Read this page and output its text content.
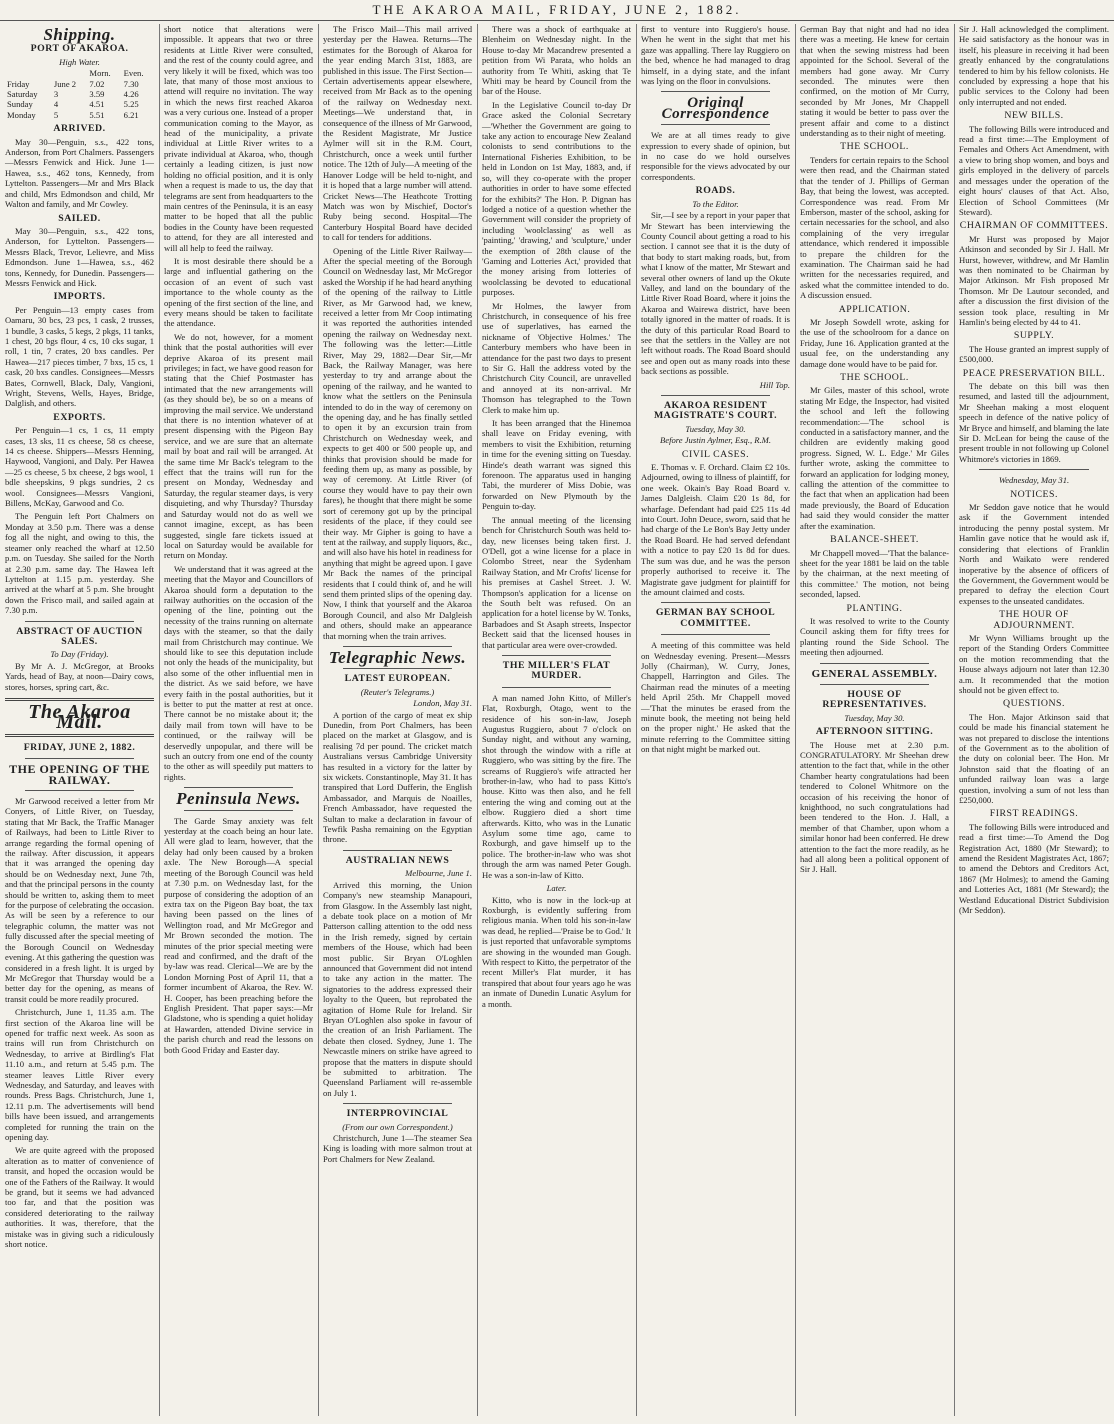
THE AKAROA MAIL, FRIDAY, JUNE 2, 1882.
Shipping.
PORT OF AKAROA.
High Water.
		Morn.	Even.
Friday	June 2	7.02	7.30
Saturday	3	3.59	4.26
Sunday	4	4.51	5.25
Monday	5	5.51	6.21
ARRIVED.

May 30—Penguin, s.s., 422 tons, Anderson, from Port Chalmers. Passengers—Messrs Fenwick and Hick. June 1—Hawea, s.s., 462 tons, Kennedy, from Lyttelton. Passengers—Mr and Mrs Black and child, Mrs Edmondson and child, Mr Walton and family, and Mr Cowley.

SAILED.

May 30—Penguin, s.s., 422 tons, Anderson, for Lyttelton. Passengers—Messrs Black, Trevor, Lelievre, and Miss Edmondson. June 1—Hawea, s.s., 462 tons, Kennedy, for Dunedin. Passengers—Messrs Fenwick and Hick.

IMPORTS.

Per Penguin—13 empty cases from Oamaru, 30 bcs, 23 pcs, 1 cask, 2 trusses, 1 bundle, 3 casks, 5 kegs, 2 pkgs, 11 tanks, 1 chest, 20 bgs flour, 4 cs, 10 cks sugar, 1 roll, 1 tin, 7 crates, 20 bxs candles. Per Hawea—217 pieces timber, 7 bxs, 15 cs, 1 cask, 20 bxs candles. Consignees—Messrs Bates, Cornwell, Black, Daly, Vangioni, Wright, Stevens, Wells, Hayes, Bridge, Dalglish, and others.

EXPORTS.

Per Penguin—1 cs, 1 cs, 11 empty cases, 13 sks, 11 cs cheese, 58 cs cheese, 14 cs cheese. Shippers—Messrs Henning, Haywood, Vangioni, and Daly. Per Hawea—25 cs cheese, 5 bx cheese, 2 bgs wool, 1 bdle sheepskins, 9 pkgs sundries, 2 cs wool. Consignees—Messrs Vangioni, Billens, McKay, Garwood and Co.

The Penguin left Port Chalmers on Monday at 3.50 p.m. There was a dense fog all the night, and owing to this, the steamer only reached the wharf at 12.50 p.m. on Tuesday. She sailed for the North at 2.30 p.m. same day. The Hawea left Lyttelton at 1.15 p.m. yesterday. She arrived at the wharf at 5 p.m. She brought down the Frisco mail, and sailed again at 7.30 p.m.

ABSTRACT OF AUCTION SALES.
To Day (Friday).

By Mr A. J. McGregor, at Brooks Yards, head of Bay, at noon—Dairy cows, stores, horses, spring cart, &c.

The Akaroa Mail.
FRIDAY, JUNE 2, 1882.
THE OPENING OF THE RAILWAY.

Mr Garwood received a letter from Mr Conyers, of Little River, on Tuesday, stating that Mr Back, the Traffic Manager of Railways, had been to Little River to arrange regarding the formal opening of the railway. After discussion, it appears that it was arranged the opening day should be on Wednesday next, June 7th, and that the principal persons in the county should be written to, asking them to meet for the purpose of celebrating the occasion. As will be seen by a reference to our telegraphic column, the matter was not fully discussed after the special meeting of the Borough Council on Wednesday evening. At this gathering the question was considered in a fresh light. It is urged by Mr McGregor that Thursday would be a better day for the opening, as means of transit could be more readily procured.

Christchurch, June 1, 11.35 a.m. The first section of the Akaroa line will be opened for traffic next week. As soon as trains will run from Christchurch on Wednesday, to arrive at Birdling's Flat 11.10 a.m., and return at 5.45 p.m. The steamer leaves Little River every Wednesday, and Saturday, and leaves with rounds. Press Bags. Christchurch, June 1, 12.11 p.m. The advertisements will bend bills have been issued, and arrangements completed for running the train on the opening day.

We are quite agreed with the proposed alteration as to matter of convenience of transit, and hoped the occasion would be one of the Fathers of the Railway. It would be grand, but it seems we had advanced too far, and that the position was considered deteriorating to the railway authorities. It was, therefore, that the mistake was in giving such a ridiculously short notice.

short notice that alterations were impossible. It appears that two or three residents at Little River were consulted, and the rest of the county could agree, and very likely it will be fixed, which was too late, that many of those most anxious to attend will require no invitation. The way in which the news first reached Akaroa was a very curious one. Instead of a proper communication coming to the Mayor, as head of the municipality, a private individual at Little River writes to a private individual at Akaroa, who, though certainly a leading citizen, is just now holding no official position, and it is only when a request is made to us, the day that telegrams are sent from headquarters to the main centres of the Peninsula, it is an easy matter to be hoped that all the public bodies in the County have been requested to attend, for they are all interested and will all help to feed the railway.

It is most desirable there should be a large and influential gathering on the occasion of an event of such vast importance to the whole county as the opening of the first section of the line, and every means should be taken to facilitate the attendance.

We do not, however, for a moment think that the postal authorities will ever deprive Akaroa of its present mail privileges; in fact, we have good reason for stating that the Chief Postmaster has intimated that the new arrangements will (as they should be), be so on a means of improving the mail service. We understand that there is no intention whatever of at present dispensing with the Pigeon Bay service, and we are sure that an alternate mail by boat and rail will be arranged. At the same time Mr Back's telegram to the effect that the trains will run for the present on Monday, Wednesday and Saturday, the regular steamer days, is very disquieting, and why Thursday? Thursday and Saturday would not do as well we cannot imagine, except, as has been suggested, single fare tickets issued at local on Saturday would be available for return on Monday.

We understand that it was agreed at the meeting that the Mayor and Councillors of Akaroa should form a deputation to the railway authorities on the occasion of the opening of the line, pointing out the necessity of the trains running on alternate days with the steamer, so that the daily mail from Christchurch may continue. We should like to see this deputation include not only the heads of the municipality, but also some of the other influential men in the district. As we said before, we have every faith in the postal authorities, but it is better to put the matter at rest at once. There cannot be no mistake about it; the daily mail from town will have to be continued, or the railway will be deservedly unpopular, and there will be such an outcry from one end of the county to the other as will speedily put matters to rights.

Peninsula News.

The Garde Smay anxiety was felt yesterday at the coach being an hour late. All were glad to learn, however, that the delay had only been caused by a broken axle. The New Borough—A special meeting of the Borough Council was held at 7.30 p.m. on Wednesday last, for the purpose of considering the adoption of an extra tax on the Pigeon Bay boat, the tax having been passed on the lines of Wellington road, and Mr McGregor and Mr Brown seconded the motion. The minutes of the prior special meeting were read and confirmed, and the draft of the by-law was read. Clerical—We are by the London Morning Post of April 11, that a former incumbent of Akaroa, the Rev. W. H. Cooper, has been preaching before the English President. That paper says:—Mr Gladstone, who is spending a quiet holiday at Hawarden, attended Divine service in the parish church and read the lessons on both Good Friday and Easter day.

The Frisco Mail—This mail arrived yesterday per the Hawea. Returns—The estimates for the Borough of Akaroa for the year ending March 31st, 1883, are published in this issue. The First Section—Certain advertisements appear elsewhere, received from Mr Back as to the opening of the railway on Wednesday next. Meetings—We understand that, in consequence of the illness of Mr Garwood, the Resident Magistrate, Mr Justice Aylmer will sit in the R.M. Court, Christchurch, once a week until further notice. The 12th of July—A meeting of the Hanover Lodge will be held to-night, and it is hoped that a large number will attend. Cricket News—The Heathcote Trotting Match was won by Mischief, Doctor's Ruby being second. Hospital—The Canterbury Hospital Board have decided to call for tenders for additions.

Opening of the Little River Railway—After the special meeting of the Borough Council on Wednesday last, Mr McGregor asked the Worship if he had heard anything of the opening of the railway to Little River, as Mr Garwood had, we knew, received a letter from Mr Coop intimating it was reported the authorities intended opening the railway on Wednesday next. The following was the letter:—Little River, May 29, 1882—Dear Sir,—Mr Back, the Railway Manager, was here yesterday to try and arrange about the opening of the railway, and he wanted to know what the settlers on the Peninsula intended to do in the way of ceremony on the opening day, and he has finally settled to open it by an excursion train from Christchurch on Wednesday week, and expects to get 400 or 500 people up, and thinks that provision should be made for feeding them up, as many as possible, by way of ceremony. At Little River (of course they would have to pay their own fares), he thought that there might be some sort of ceremony got up by the principal residents of the place, if they could see their way. Mr Gipher is going to have a tent at the railway, and supply liquors, &c., and will also have his hotel in readiness for anything that might be agreed upon. I gave Mr Back the names of the principal residents that I could think of, and he will send them printed slips of the opening day. Now, I think that yourself and the Akaroa Borough Council, and also Mr Dalgleish and others, should make an appearance that morning when the train arrives.

Telegraphic News.
LATEST EUROPEAN.
(Reuter's Telegrams.)
London, May 31.

A portion of the cargo of meat ex ship Dunedin, from Port Chalmers, has been placed on the market at Glasgow, and is realising 7d per pound. The cricket match Australians versus Cambridge University has resulted in a victory for the latter by six wickets. Constantinople, May 31. It has transpired that Lord Dufferin, the English Ambassador, and Marquis de Noailles, French Ambassador, have requested the Sultan to make a declaration in favour of Tewfik Pasha remaining on the Egyptian throne.

AUSTRALIAN NEWS
Melbourne, June 1.

Arrived this morning, the Union Company's new steamship Manapouri, from Glasgow. In the Assembly last night, a debate took place on a motion of Mr Patterson calling attention to the odd ness in the Irish remedy, signed by certain members of the House, which had been most public. Sir Bryan O'Loghlen announced that Government did not intend to take any action in the matter. The signatories to the address expressed their loyalty to the Queen, but reprobated the agitation of Home Rule for Ireland. Sir Bryan O'Loghlen also spoke in favour of the creation of an Irish Parliament. The debate then closed. Sydney, June 1. The Newcastle miners on strike have agreed to propose that the matters in dispute should be submitted to arbitration. The Queensland Parliament will re-assemble on July 1.

INTERPROVINCIAL
(From our own Correspondent.)

Christchurch, June 1—The steamer Sea King is loading with more salmon trout at Port Chalmers for New Zealand.

There was a shock of earthquake at Blenheim on Wednesday night. In the House to-day Mr Macandrew presented a petition from Wi Parata, who holds an authority from Te Whiti, asking that Te Whiti may be heard by Council from the bar of the House.

In the Legislative Council to-day Dr Grace asked the Colonial Secretary—'Whether the Government are going to take any action to encourage New Zealand colonists to send contributions to the International Fisheries Exhibition, to be held in London on 1st May, 1883, and, if so, will they co-operate with the proper authorities in order to have some effected for the exhibits?' The Hon. P. Dignan has lodged a notice of a question whether the Government will consider the propriety of including 'woolclassing' as well as 'painting,' 'drawing,' and 'sculpture,' under the exemption of 28th clause of the 'Gaming and Lotteries Act,' provided that the money arising from lotteries of woolclassing be devoted to educational purposes.

Mr Holmes, the lawyer from Christchurch, in consequence of his free use of superlatives, has earned the nickname of 'Objective Holmes.' The Canterbury members who have been in attendance for the past two days to present to Sir G. Hall the address voted by the Christchurch City Council, are unravelled and annoyed at its non-arrival. Mr Thomson has telegraphed to the Town Clerk to make him up.

It has been arranged that the Hinemoa shall leave on Friday evening, with members to visit the Exhibition, returning in time for the evening sitting on Tuesday. Hinde's death warrant was signed this forenoon. The apparatus used in hanging Tabi, the murderer of Miss Dobie, was forwarded on New Plymouth by the Penguin to-day.

The annual meeting of the licensing bench for Christchurch South was held to-day, new licenses being taken first. J. O'Dell, got a wine license for a place in Colombo Street, near the Sydenham Railway Station, and Mr Crofts' license for his premises at Cashel Street. J. W. Thompson's application for a license on the South belt was refused. On an application for a hotel license by W. Tonks, Barbadoes and St Asaph streets, Inspector Beckett said that the licensed houses in that particular area were over-crowded.

THE MILLER'S FLAT MURDER.

A man named John Kitto, of Miller's Flat, Roxburgh, Otago, went to the residence of his son-in-law, Joseph Augustus Ruggiero, about 7 o'clock on Sunday night, and without any warning, shot through the window with a rifle at Ruggiero, who was sitting by the fire. The screams of Ruggiero's wife attracted her brother-in-law, who had to pass Kitto's house. Kitto was then also, and he fell entering the wing and coming out at the elbow. Ruggiero died a short time afterwards. Kitto, who was in the Lunatic Asylum some time ago, came to Roxburgh, and gave himself up to the police. The brother-in-law who was shot through the arm was named Peter Gough. He was a son-in-law of Kitto.

Later.

Kitto, who is now in the lock-up at Roxburgh, is evidently suffering from religious mania. When told his son-in-law was dead, he replied—'Praise be to God.' It is just reported that unfavorable symptoms are showing in the wounded man Gough. With respect to Kitto, the perpetrator of the recent Miller's Flat murder, it has transpired that about four years ago he was an inmate of Dunedin Lunatic Asylum for a month.

first to venture into Ruggiero's house. When he went in the sight that met his gaze was appalling. There lay Ruggiero on the bed, whence he had managed to drag himself, in a dying state, and the infant was lying on the floor in convulsions.

Original Correspondence

We are at all times ready to give expression to every shade of opinion, but in no case do we hold ourselves responsible for the views advocated by our correspondents.

ROADS.
To the Editor.

Sir,—I see by a report in your paper that Mr Stewart has been interviewing the County Council about getting a road to his section. I cannot see that it is the duty of that body to start making roads, but, from what I know of the matter, Mr Stewart and several other owners of land up the Okute Valley, and land on the boundary of the Little River Road Board, where it joins the Akaroa and Wairewa district, have been totally ignored in the matter of roads. It is the duty of this particular Road Board to see that the settlers in the Valley are not left without roads. The Road Board should see and open out as many roads into these back sections as possible.

Hill Top.
AKAROA RESIDENT MAGISTRATE'S COURT.
Tuesday, May 30.
Before Justin Aylmer, Esq., R.M.
CIVIL CASES.

E. Thomas v. F. Orchard. Claim £2 10s. Adjourned, owing to illness of plaintiff, for one week. Okain's Bay Road Board v. James Dalgleish. Claim £20 1s 8d, for wharfage. Defendant had paid £25 11s 4d into Court. John Deuce, sworn, said that he had charge of the Le Bon's Bay Jetty under the Road Board. He had served defendant with a notice to pay £20 1s 8d for dues. The sum was due, and he was the person properly authorised to receive it. The Magistrate gave judgment for plaintiff for the amount claimed and costs.

GERMAN BAY SCHOOL COMMITTEE.

A meeting of this committee was held on Wednesday evening. Present—Messrs Jolly (Chairman), W. Curry, Jones, Chappell, Harrington and Giles. The Chairman read the minutes of a meeting held April 25th. Mr Chappell moved—'That the minutes be erased from the minute book, the meeting not being held on the proper night.' He asked that the minute referring to the Committee sitting on that night might be marked out.

German Bay that night and had no idea there was a meeting. He knew for certain that when the sewing mistress had been appointed for the School. Several of the members had gone away. Mr Curry seconded. The minutes were then confirmed, on the motion of Mr Curry, seconded by Mr Jones, Mr Chappell stating it would be better to pass over the present affair and come to a distinct understanding as to their night of meeting.

THE SCHOOL.

Tenders for certain repairs to the School were then read, and the Chairman stated that the tender of J. Phillips of German Bay, that being the lowest, was accepted. Correspondence was read. From Mr Emberson, master of the school, asking for certain necessaries for the school, and also complaining of the very irregular attendance, which rendered it impossible to prepare the children for the examination. The Chairman said he had written for the necessaries required, and asked what the committee intended to do. A discussion ensued.

APPLICATION.

Mr Joseph Sowdell wrote, asking for the use of the schoolroom for a dance on Friday, June 16. Application granted at the usual fee, on the understanding any damage done would have to be paid for.

THE SCHOOL.

Mr Giles, master of this school, wrote stating Mr Edge, the Inspector, had visited the school and left the following recommendation:—'The school is conducted in a satisfactory manner, and the children are evidently making good progress. Signed, W. L. Edge.' Mr Giles further wrote, asking the committee to forward an application for lodging money, calling the attention of the committee to the fact that when an application had been made previously, the Board of Education had said they would consider the matter after the examination.

BALANCE-SHEET.

Mr Chappell moved—'That the balance-sheet for the year 1881 be laid on the table by the chairman, at the next meeting of this committee.' The motion, not being seconded, lapsed.

PLANTING.

It was resolved to write to the County Council asking them for fifty trees for planting round the Side School. The meeting then adjourned.

GENERAL ASSEMBLY.
HOUSE OF REPRESENTATIVES.
Tuesday, May 30.
AFTERNOON SITTING.

The House met at 2.30 p.m. CONGRATULATORY. Mr Sheehan drew attention to the fact that, while in the other Chamber hearty congratulations had been tendered to Colonel Whitmore on the occasion of his receiving the honor of knighthood, no such congratulations had been tendered to the Hon. J. Hall, a member of that Chamber, upon whom a similar honor had been conferred. He drew attention to the fact the more readily, as he had all along been a political opponent of Sir J. Hall.

Sir J. Hall acknowledged the compliment. He said satisfactory as the honour was in itself, his pleasure in receiving it had been greatly enhanced by the congratulations tendered to him by his fellow colonists. He concluded by expressing a hope that his public services to the Colony had been only interrupted and not ended.

NEW BILLS.

The following Bills were introduced and read a first time:—The Employment of Females and Others Act Amendment, with a view to bring shop women, and boys and girls employed in the delivery of parcels and messages under the operation of the eight hours' clauses of that Act. Also, Election of School Committees (Mr Steward).

CHAIRMAN OF COMMITTEES.

Mr Hurst was proposed by Major Atkinson and seconded by Sir J. Hall. Mr Hurst, however, withdrew, and Mr Hamlin was then nominated to be Chairman by Major Atkinson. Mr Fish proposed Mr Thomson. Mr De Lautour seconded, and after a discussion the first division of the session took place, resulting in Mr Hamlin's being elected by 44 to 41.

SUPPLY.

The House granted an imprest supply of £500,000.

PEACE PRESERVATION BILL.

The debate on this bill was then resumed, and lasted till the adjournment, Mr Sheehan making a most eloquent speech in defence of the native policy of Mr Bryce and himself, and blaming the late Sir D. McLean for being the cause of the present trouble in not following up Colonel Whitmore's victories in 1869.

Wednesday, May 31.
NOTICES.

Mr Seddon gave notice that he would ask if the Government intended introducing the penny postal system. Mr Hamlin gave notice that he would ask if, considering that elections of Franklin North and Waikato were rendered inoperative by the absence of officers of the Government, the Government would be prepared to defray the election Court expenses to the unseated candidates.

THE HOUR OF ADJOURNMENT.

Mr Wynn Williams brought up the report of the Standing Orders Committee on the motion recommending that the House always adjourn not later than 12.30 a.m. It recommended that the motion should not be given effect to.

QUESTIONS.

The Hon. Major Atkinson said that could be made his financial statement he was not prepared to disclose the intentions of the Government as to the abolition of the duty on colonial beer. The Hon. Mr Johnston said that the floating of an unfunded railway loan was a large question, involving a sum of not less than £250,000.

FIRST READINGS.

The following Bills were introduced and read a first time:—To Amend the Dog Registration Act, 1880 (Mr Steward); to amend the Resident Magistrates Act, 1867; to amend the Debtors and Creditors Act, 1867 (Mr Holmes); to amend the Gaming and Lotteries Act, 1881 (Mr Steward); the Westland Educational District Subdivision (Mr Seddon).
